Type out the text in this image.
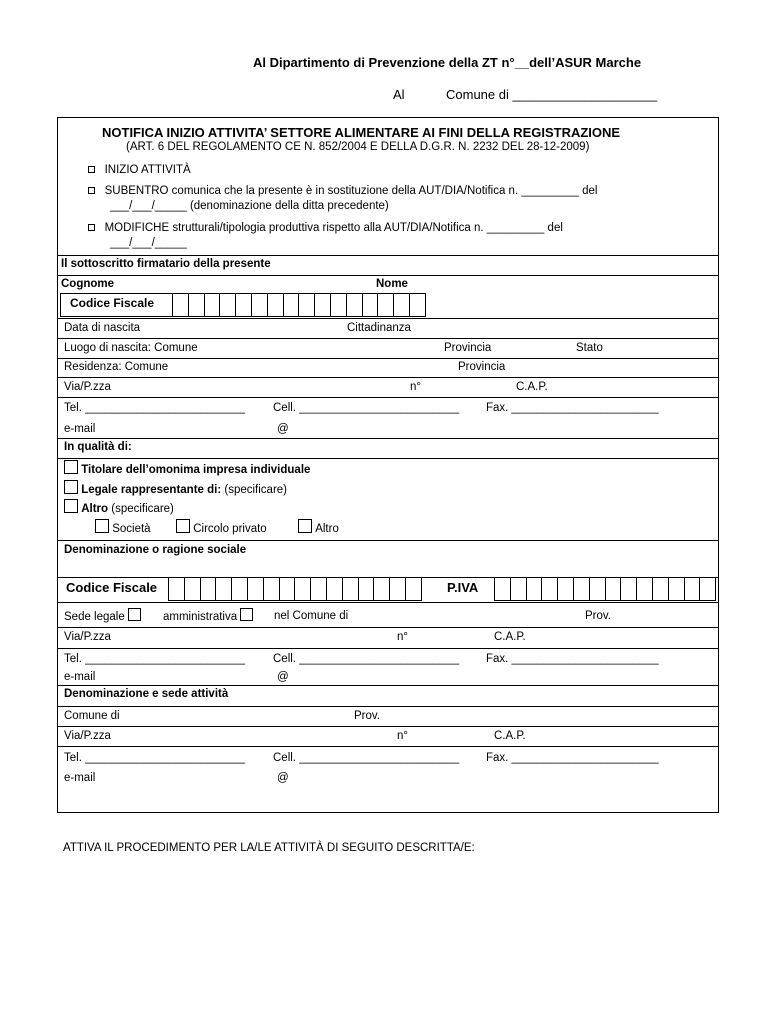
Al Dipartimento di Prevenzione della ZT n°__dell’ASUR Marche
Al	Comune di ____________________
NOTIFICA INIZIO ATTIVITA’ SETTORE ALIMENTARE AI FINI DELLA REGISTRAZIONE
(ART. 6 DEL REGOLAMENTO CE N. 852/2004 E DELLA D.G.R. N. 2232 DEL 28-12-2009)
INIZIO ATTIVITÀ
SUBENTRO comunica che la presente è in sostituzione della AUT/DIA/Notifica n. _________ del
___/___/_____ (denominazione della ditta precedente)
MODIFICHE strutturali/tipologia produttiva rispetto alla AUT/DIA/Notifica n. _________ del
___/___/_____
Il sottoscritto firmatario della presente
Cognome	Nome
Codice Fiscale
Data di nascita	Cittadinanza
Luogo di nascita: Comune	Provincia	Stato
Residenza: Comune	Provincia
Via/P.zza	n°	C.A.P.
Tel. _________________________ Cell. _________________________ Fax. _______________________
e-mail	@
In qualità di:
Titolare dell’omonima impresa individuale
Legale rappresentante di: (specificare)
Altro (specificare)
Società	Circolo privato	Altro
Denominazione o ragione sociale
Codice Fiscale	P.IVA
Sede legale	amministrativa	nel Comune di	Prov.
Via/P.zza	n°	C.A.P.
Tel. _________________________ Cell. _________________________ Fax. _______________________
e-mail	@
Denominazione e sede attività
Comune di	Prov.
Via/P.zza	n°	C.A.P.
Tel. _________________________ Cell. _________________________ Fax. _______________________
e-mail	@
ATTIVA IL PROCEDIMENTO PER LA/LE ATTIVITÀ DI SEGUITO DESCRITTA/E:
